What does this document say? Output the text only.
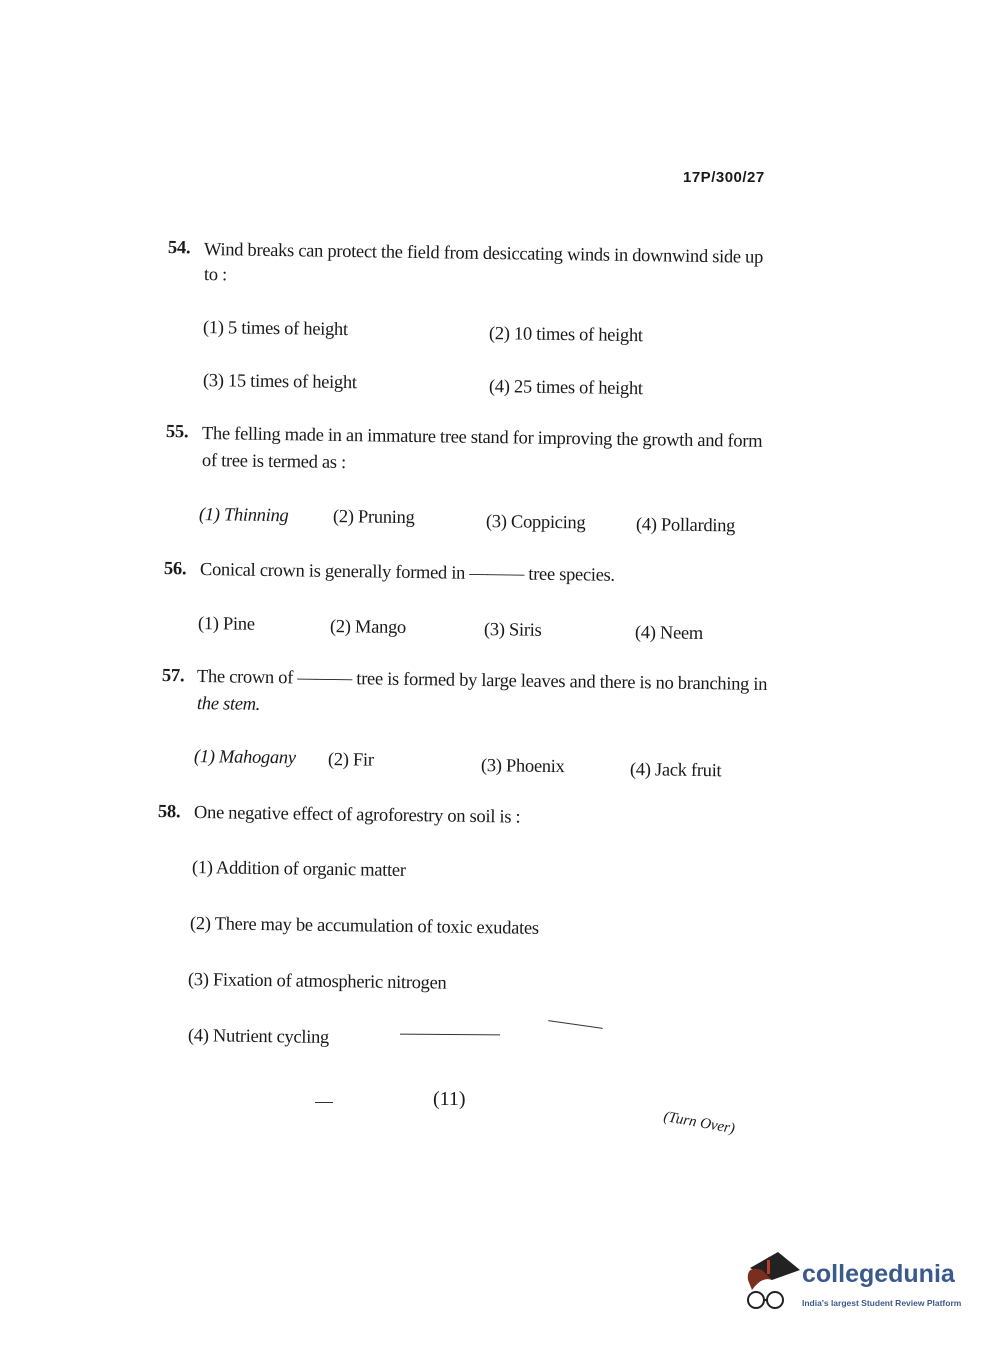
17P/300/27
54. Wind breaks can protect the field from desiccating winds in downwind side up
to :
(1) 5 times of height	(2) 10 times of height
(3) 15 times of height	(4) 25 times of height
55. The felling made in an immature tree stand for improving the growth and form
of tree is termed as :
(1) Thinning (2) Pruning	(3) Coppicing	(4) Pollarding
56. Conical crown is generally formed in ——— tree species.
(1) Pine	(2) Mango	(3) Siris	(4) Neem
57. The crown of ——— tree is formed by large leaves and there is no branching in
the stem.
(1) Mahogany (2) Fir	(3) Phoenix	(4) Jack fruit
58. One negative effect of agroforestry on soil is :
(1) Addition of organic matter
(2) There may be accumulation of toxic exudates
(3) Fixation of atmospheric nitrogen
(4) Nutrient cycling
(11)
(Turn Over)
collegedunia
India's largest Student Review Platform
